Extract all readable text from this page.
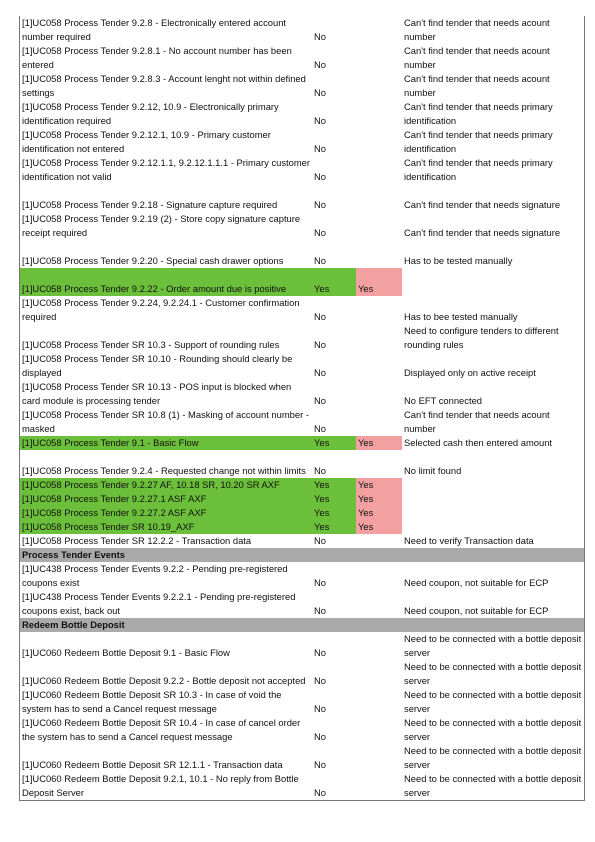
[1]UC058 Process Tender 9.2.8 - Electronically entered account number required	No		Can't find tender that needs acount number
[1]UC058 Process Tender 9.2.8.1 - No account number has been entered	No		Can't find tender that needs acount number
[1]UC058 Process Tender 9.2.8.3 - Account lenght not within defined settings	No		Can't find tender that needs acount number
[1]UC058 Process Tender 9.2.12, 10.9 - Electronically primary identification required	No		Can't find tender that needs primary identification
[1]UC058 Process Tender 9.2.12.1, 10.9 - Primary customer identification not entered	No		Can't find tender that needs primary identification
[1]UC058 Process Tender 9.2.12.1.1, 9.2.12.1.1.1 - Primary customer identification not valid	No		Can't find tender that needs primary identification
[1]UC058 Process Tender 9.2.18 - Signature capture required	No		Can't find tender that needs signature
[1]UC058 Process Tender 9.2.19 (2) - Store copy signature capture receipt required	No		Can't find tender that needs signature
[1]UC058 Process Tender 9.2.20 - Special cash drawer options	No		Has to be tested manually
[1]UC058 Process Tender 9.2.22 - Order amount due is positive	Yes	Yes	
[1]UC058 Process Tender 9.2.24, 9.2.24.1 - Customer confirmation required	No		Has to bee tested manually
[1]UC058 Process Tender SR 10.3 - Support of rounding rules	No		Need to configure tenders to different rounding rules
[1]UC058 Process Tender SR 10.10 - Rounding should clearly be displayed	No		Displayed only on active receipt
[1]UC058 Process Tender SR 10.13 - POS input is blocked when card module is processing tender	No		No EFT connected
[1]UC058 Process Tender SR 10.8 (1) - Masking of account number - masked	No		Can't find tender that needs acount number
[1]UC058 Process Tender 9.1 - Basic Flow	Yes	Yes	Selected cash then entered amount
[1]UC058 Process Tender 9.2.4 - Requested change not within limits	No		No limit found
[1]UC058 Process Tender 9.2.27 AF, 10.18 SR, 10.20 SR AXF	Yes	Yes	
[1]UC058 Process Tender 9.2.27.1 ASF AXF	Yes	Yes	
[1]UC058 Process Tender 9.2.27.2 ASF AXF	Yes	Yes	
[1]UC058 Process Tender SR 10.19_AXF	Yes	Yes	
[1]UC058 Process Tender SR 12.2.2 - Transaction data	No		Need to verify Transaction data
Process Tender Events			
[1]UC438 Process Tender Events 9.2.2 - Pending pre-registered coupons exist	No		Need coupon, not suitable for ECP
[1]UC438 Process Tender Events 9.2.2.1 - Pending pre-registered coupons exist, back out	No		Need coupon, not suitable for ECP
Redeem Bottle Deposit			
[1]UC060 Redeem Bottle Deposit 9.1 - Basic Flow	No		Need to be connected with a bottle deposit server
[1]UC060 Redeem Bottle Deposit 9.2.2 - Bottle deposit not accepted	No		Need to be connected with a bottle deposit server
[1]UC060 Redeem Bottle Deposit SR 10.3 - In case of void the system has to send a Cancel request message	No		Need to be connected with a bottle deposit server
[1]UC060 Redeem Bottle Deposit SR 10.4 - In case of cancel order the system has to send a Cancel request message	No		Need to be connected with a bottle deposit server
[1]UC060 Redeem Bottle Deposit SR 12.1.1 - Transaction data	No		Need to be connected with a bottle deposit server
[1]UC060 Redeem Bottle Deposit 9.2.1, 10.1 - No reply from Bottle Deposit Server	No		Need to be connected with a bottle deposit server
